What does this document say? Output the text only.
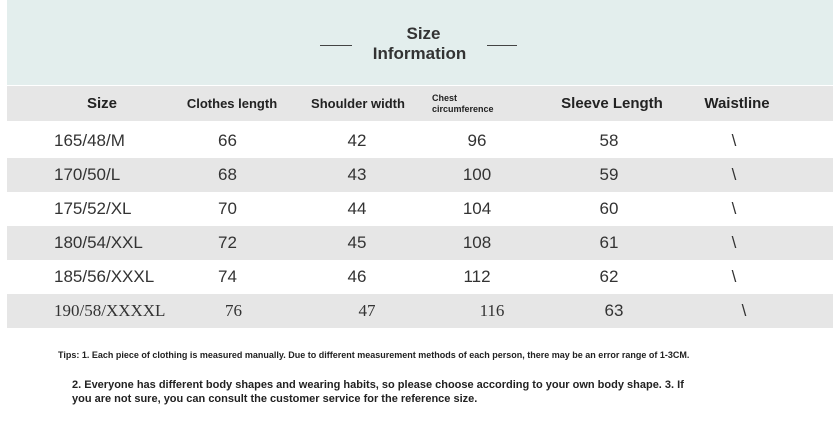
Size
Information
Size	Clothes length	Shoulder width	Chest circumference	Sleeve Length	Waistline
165/48/M	66	42	96	58	\
170/50/L	68	43	100	59	\
175/52/XL	70	44	104	60	\
180/54/XXL	72	45	108	61	\
185/56/XXXL	74	46	112	62	\
190/58/XXXXL	76	47	116	63	\
Tips: 1. Each piece of clothing is measured manually. Due to different measurement methods of each person, there may be an error range of 1-3CM.
2. Everyone has different body shapes and wearing habits, so please choose according to your own body shape. 3. If you are not sure, you can consult the customer service for the reference size.
